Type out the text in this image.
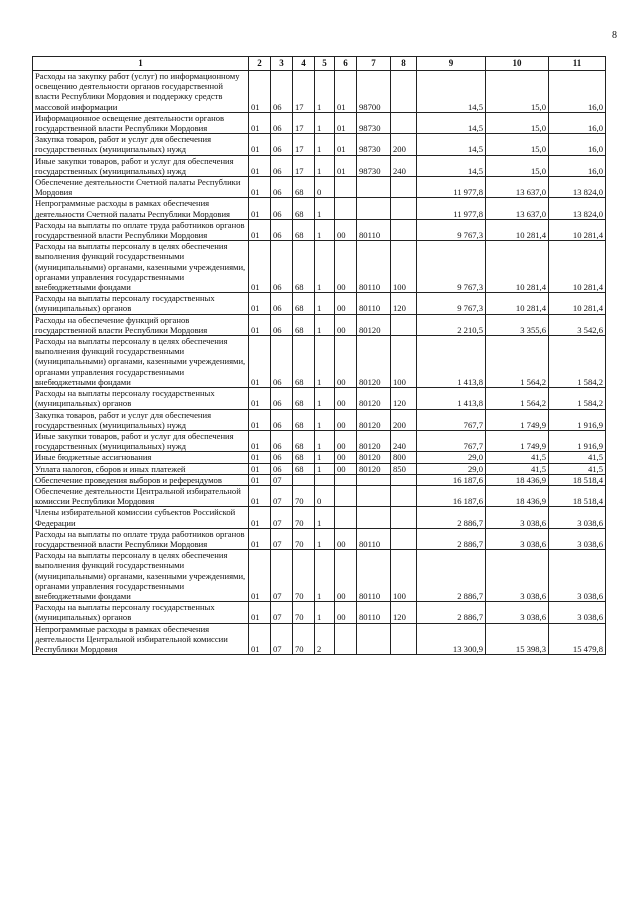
8
1	2	3	4	5	6	7	8	9	10	11
Расходы на закупку работ (услуг) по информационному освещению деятельности органов государственной власти Республики Мордовия и поддержку средств массовой информации	01	06	17	1	01	98700		14,5	15,0	16,0
Информационное освещение деятельности органов государственной власти Республики Мордовия	01	06	17	1	01	98730		14,5	15,0	16,0
Закупка товаров, работ и услуг для обеспечения государственных (муниципальных) нужд	01	06	17	1	01	98730	200	14,5	15,0	16,0
Иные закупки товаров, работ и услуг для обеспечения государственных (муниципальных) нужд	01	06	17	1	01	98730	240	14,5	15,0	16,0
Обеспечение деятельности Счетной палаты Республики Мордовия	01	06	68	0				11 977,8	13 637,0	13 824,0
Непрограммные расходы в рамках обеспечения деятельности Счетной палаты Республики Мордовия	01	06	68	1				11 977,8	13 637,0	13 824,0
Расходы на выплаты по оплате труда работников органов государственной власти Республики Мордовия	01	06	68	1	00	80110		9 767,3	10 281,4	10 281,4
Расходы на выплаты персоналу в целях обеспечения выполнения функций государственными (муниципальными) органами, казенными учреждениями, органами управления государственными внебюджетными фондами	01	06	68	1	00	80110	100	9 767,3	10 281,4	10 281,4
Расходы на выплаты персоналу государственных (муниципальных) органов	01	06	68	1	00	80110	120	9 767,3	10 281,4	10 281,4
Расходы на обеспечение функций органов государственной власти Республики Мордовия	01	06	68	1	00	80120		2 210,5	3 355,6	3 542,6
Расходы на выплаты персоналу в целях обеспечения выполнения функций государственными (муниципальными) органами, казенными учреждениями, органами управления государственными внебюджетными фондами	01	06	68	1	00	80120	100	1 413,8	1 564,2	1 584,2
Расходы на выплаты персоналу государственных (муниципальных) органов	01	06	68	1	00	80120	120	1 413,8	1 564,2	1 584,2
Закупка товаров, работ и услуг для обеспечения государственных (муниципальных) нужд	01	06	68	1	00	80120	200	767,7	1 749,9	1 916,9
Иные закупки товаров, работ и услуг для обеспечения государственных (муниципальных) нужд	01	06	68	1	00	80120	240	767,7	1 749,9	1 916,9
Иные бюджетные ассигнования	01	06	68	1	00	80120	800	29,0	41,5	41,5
Уплата налогов, сборов и иных платежей	01	06	68	1	00	80120	850	29,0	41,5	41,5
Обеспечение проведения выборов и референдумов	01	07						16 187,6	18 436,9	18 518,4
Обеспечение деятельности Центральной избирательной комиссии Республики Мордовия	01	07	70	0				16 187,6	18 436,9	18 518,4
Члены избирательной комиссии субъектов Российской Федерации	01	07	70	1				2 886,7	3 038,6	3 038,6
Расходы на выплаты по оплате труда работников органов государственной власти Республики Мордовия	01	07	70	1	00	80110		2 886,7	3 038,6	3 038,6
Расходы на выплаты персоналу в целях обеспечения выполнения функций государственными (муниципальными) органами, казенными учреждениями, органами управления государственными внебюджетными фондами	01	07	70	1	00	80110	100	2 886,7	3 038,6	3 038,6
Расходы на выплаты персоналу государственных (муниципальных) органов	01	07	70	1	00	80110	120	2 886,7	3 038,6	3 038,6
Непрограммные расходы в рамках обеспечения деятельности Центральной избирательной комиссии Республики Мордовия	01	07	70	2				13 300,9	15 398,3	15 479,8
